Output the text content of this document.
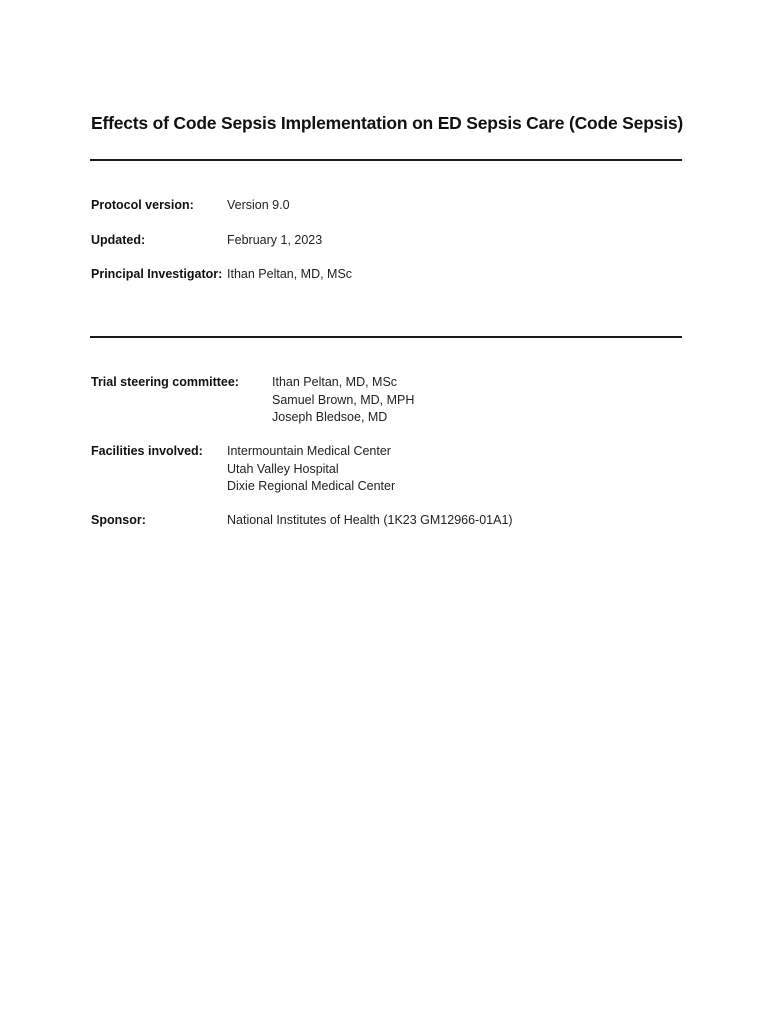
Effects of Code Sepsis Implementation on ED Sepsis Care (Code Sepsis)
Protocol version:	Version 9.0
Updated:	February 1, 2023
Principal Investigator: Ithan Peltan, MD, MSc
Trial steering committee:	Ithan Peltan, MD, MSc
Samuel Brown, MD, MPH
Joseph Bledsoe, MD
Facilities involved: Intermountain Medical Center
Utah Valley Hospital
Dixie Regional Medical Center
Sponsor:	National Institutes of Health (1K23 GM12966-01A1)
